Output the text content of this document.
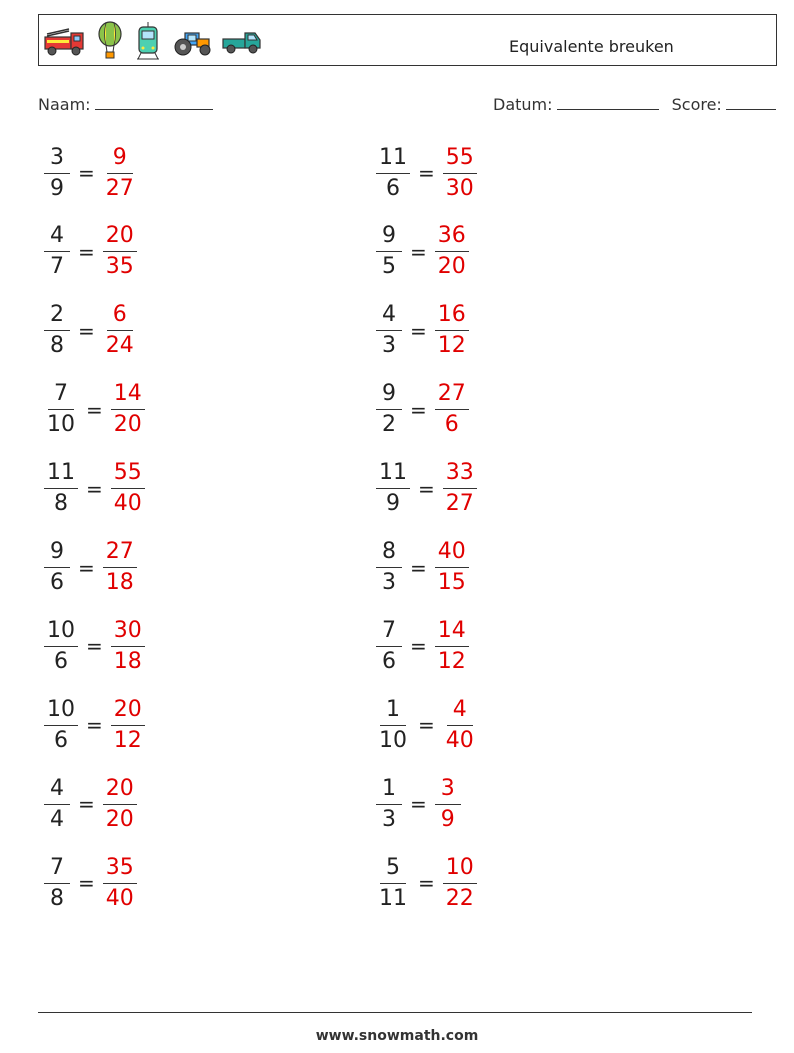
Equivalente breuken
Naam:	Datum:	Score:
$\frac{3}{9} = \frac{9}{27}$	$\frac{11}{6} = \frac{55}{30}$
$\frac{4}{7} = \frac{20}{35}$	$\frac{9}{5} = \frac{36}{20}$
$\frac{2}{8} = \frac{6}{24}$	$\frac{4}{3} = \frac{16}{12}$
$\frac{7}{10} = \frac{14}{20}$	$\frac{9}{2} = \frac{27}{6}$
$\frac{11}{8} = \frac{55}{40}$	$\frac{11}{9} = \frac{33}{27}$
$\frac{9}{6} = \frac{27}{18}$	$\frac{8}{3} = \frac{40}{15}$
$\frac{10}{6} = \frac{30}{18}$	$\frac{7}{6} = \frac{14}{12}$
$\frac{10}{6} = \frac{20}{12}$	$\frac{1}{10} = \frac{4}{40}$
$\frac{4}{4} = \frac{20}{20}$	$\frac{1}{3} = \frac{3}{9}$
$\frac{7}{8} = \frac{35}{40}$	$\frac{5}{11} = \frac{10}{22}$
www.snowmath.com
